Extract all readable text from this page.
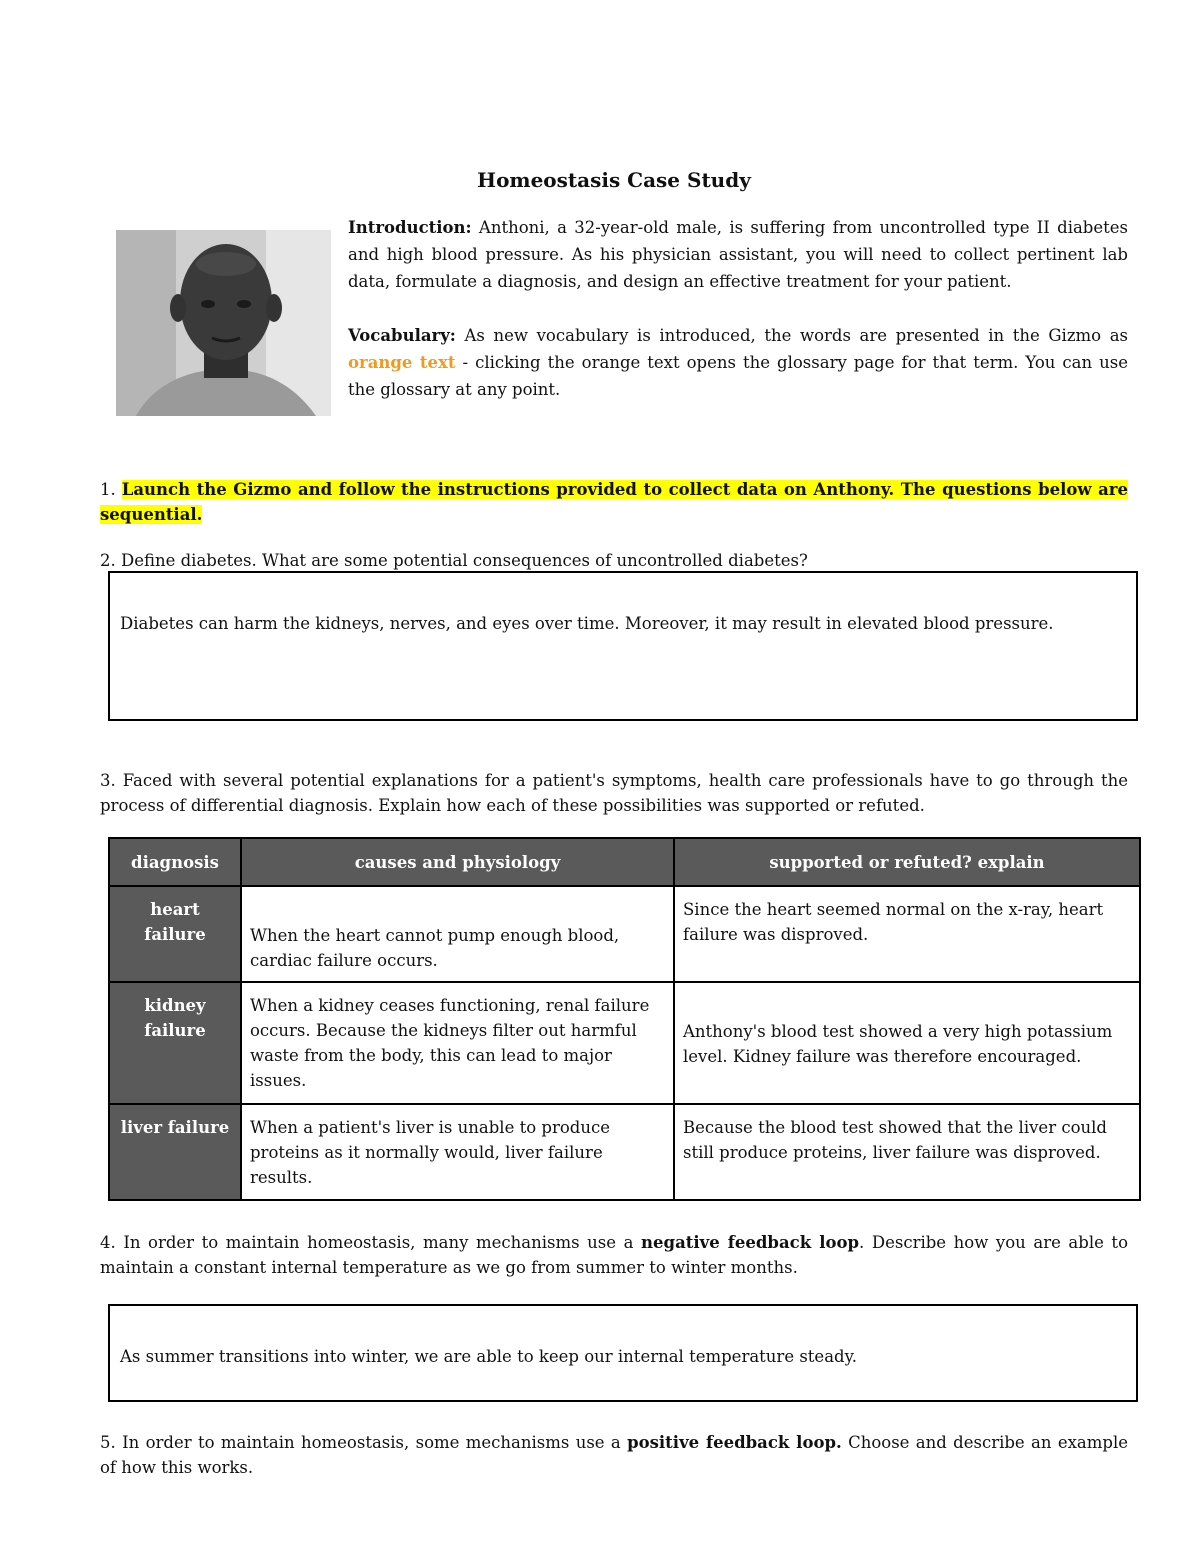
Homeostasis Case Study

Introduction: Anthoni, a 32-year-old male, is suffering from uncontrolled type II diabetes and high blood pressure. As his physician assistant, you will need to collect pertinent lab data, formulate a diagnosis, and design an effective treatment for your patient.

Vocabulary: As new vocabulary is introduced, the words are presented in the Gizmo as orange text - clicking the orange text opens the glossary page for that term. You can use the glossary at any point.

1. Launch the Gizmo and follow the instructions provided to collect data on Anthony. The questions below are sequential.
2. Define diabetes. What are some potential consequences of uncontrolled diabetes?
Diabetes can harm the kidneys, nerves, and eyes over time. Moreover, it may result in elevated blood pressure.
3. Faced with several potential explanations for a patient's symptoms, health care professionals have to go through the process of differential diagnosis. Explain how each of these possibilities was supported or refuted.
diagnosis	causes and physiology	supported or refuted? explain
heart failure	When the heart cannot pump enough blood, cardiac failure occurs.	Since the heart seemed normal on the x-ray, heart failure was disproved.
kidney failure	When a kidney ceases functioning, renal failure occurs. Because the kidneys filter out harmful waste from the body, this can lead to major issues.	Anthony's blood test showed a very high potassium level. Kidney failure was therefore encouraged.
liver failure	When a patient's liver is unable to produce proteins as it normally would, liver failure results.	Because the blood test showed that the liver could still produce proteins, liver failure was disproved.
4. In order to maintain homeostasis, many mechanisms use a negative feedback loop. Describe how you are able to maintain a constant internal temperature as we go from summer to winter months.
As summer transitions into winter, we are able to keep our internal temperature steady.
5. In order to maintain homeostasis, some mechanisms use a positive feedback loop. Choose and describe an example of how this works.
